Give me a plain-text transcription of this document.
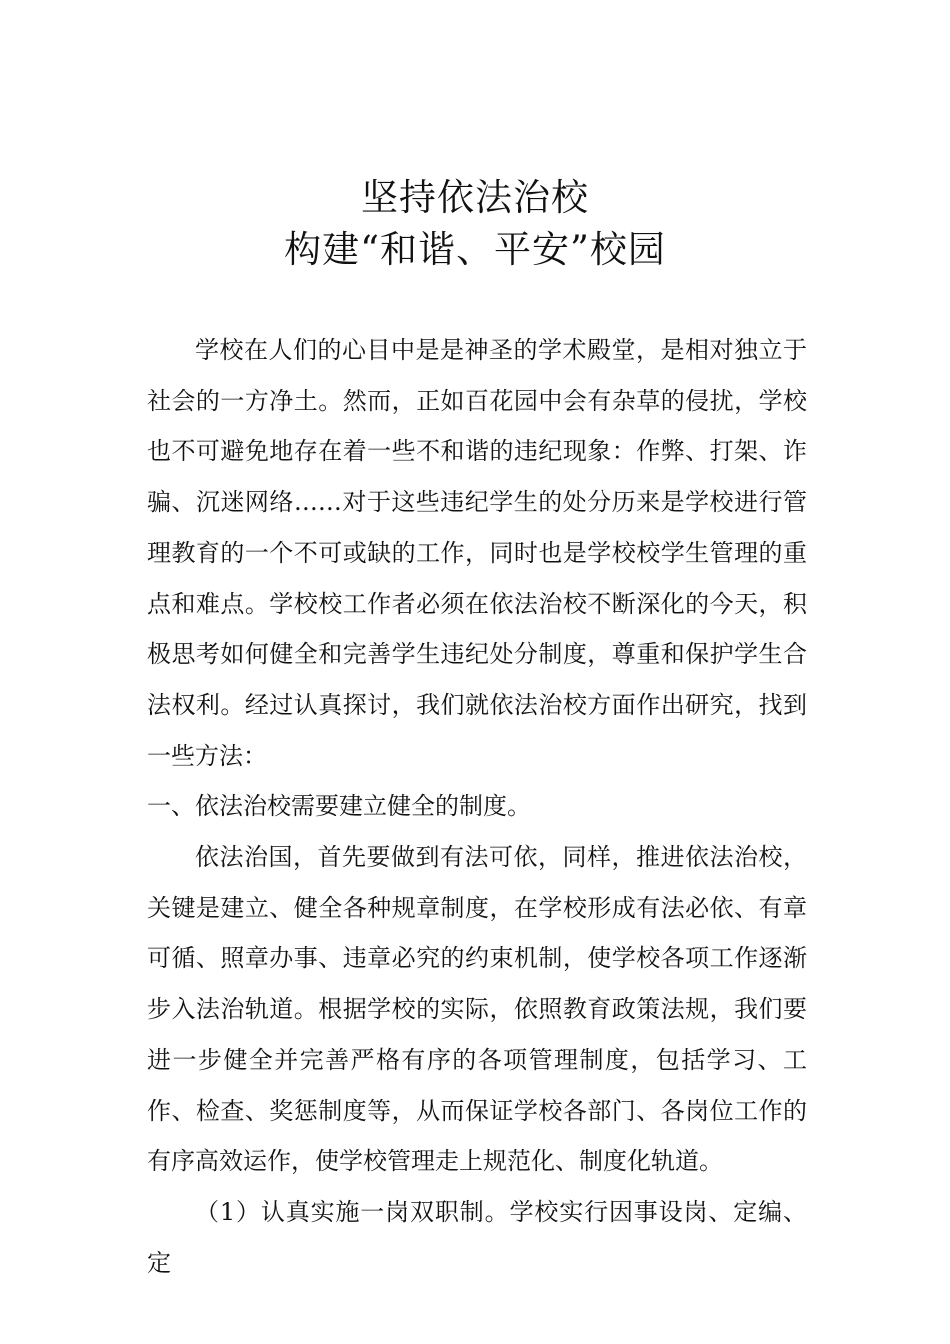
坚持依法治校
构建“和谐、平安”校园

学校在人们的心目中是是神圣的学术殿堂，是相对独立于社会的一方净土。然而，正如百花园中会有杂草的侵扰，学校也不可避免地存在着一些不和谐的违纪现象：作弊、打架、诈骗、沉迷网络……对于这些违纪学生的处分历来是学校进行管理教育的一个不可或缺的工作，同时也是学校校学生管理的重点和难点。学校校工作者必须在依法治校不断深化的今天，积极思考如何健全和完善学生违纪处分制度，尊重和保护学生合法权利。经过认真探讨，我们就依法治校方面作出研究，找到一些方法：

一、依法治校需要建立健全的制度。

依法治国，首先要做到有法可依，同样，推进依法治校，关键是建立、健全各种规章制度，在学校形成有法必依、有章可循、照章办事、违章必究的约束机制，使学校各项工作逐渐步入法治轨道。根据学校的实际，依照教育政策法规，我们要进一步健全并完善严格有序的各项管理制度，包括学习、工作、检查、奖惩制度等，从而保证学校各部门、各岗位工作的有序高效运作，使学校管理走上规范化、制度化轨道。

（1）认真实施一岗双职制。学校实行因事设岗、定编、定
